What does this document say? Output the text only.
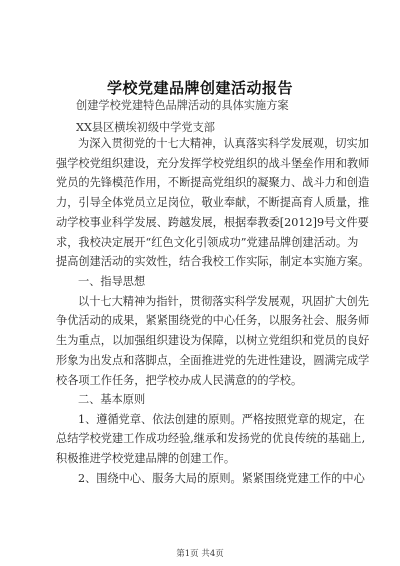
学校党建品牌创建活动报告
创建学校党建特色品牌活动的具体实施方案
XX县区横埃初级中学党支部
为深入贯彻党的十七大精神，认真落实科学发展观，切实加
强学校党组织建设，充分发挥学校党组织的战斗堡垒作用和教师
党员的先锋模范作用，不断提高党组织的凝聚力、战斗力和创造
力，引导全体党员立足岗位，敬业奉献，不断提高育人质量，推
动学校事业科学发展、跨越发展，根据奉教委[2012]9号文件要
求，我校决定展开“红色文化引领成功”党建品牌创建活动。为
提高创建活动的实效性，结合我校工作实际，制定本实施方案。
一、指导思想
以十七大精神为指针，贯彻落实科学发展观，巩固扩大创先
争优活动的成果，紧紧围绕党的中心任务，以服务社会、服务师
生为重点，以加强组织建设为保障，以树立党组织和党员的良好
形象为出发点和落脚点，全面推进党的先进性建设，圆满完成学
校各项工作任务，把学校办成人民满意的的学校。
二、基本原则
1、遵循党章、依法创建的原则。严格按照党章的规定，在
总结学校党建工作成功经验,继承和发扬党的优良传统的基础上,
积极推进学校党建品牌的创建工作。
2、围绕中心、服务大局的原则。紧紧围绕党建工作的中心
第1页 共4页
